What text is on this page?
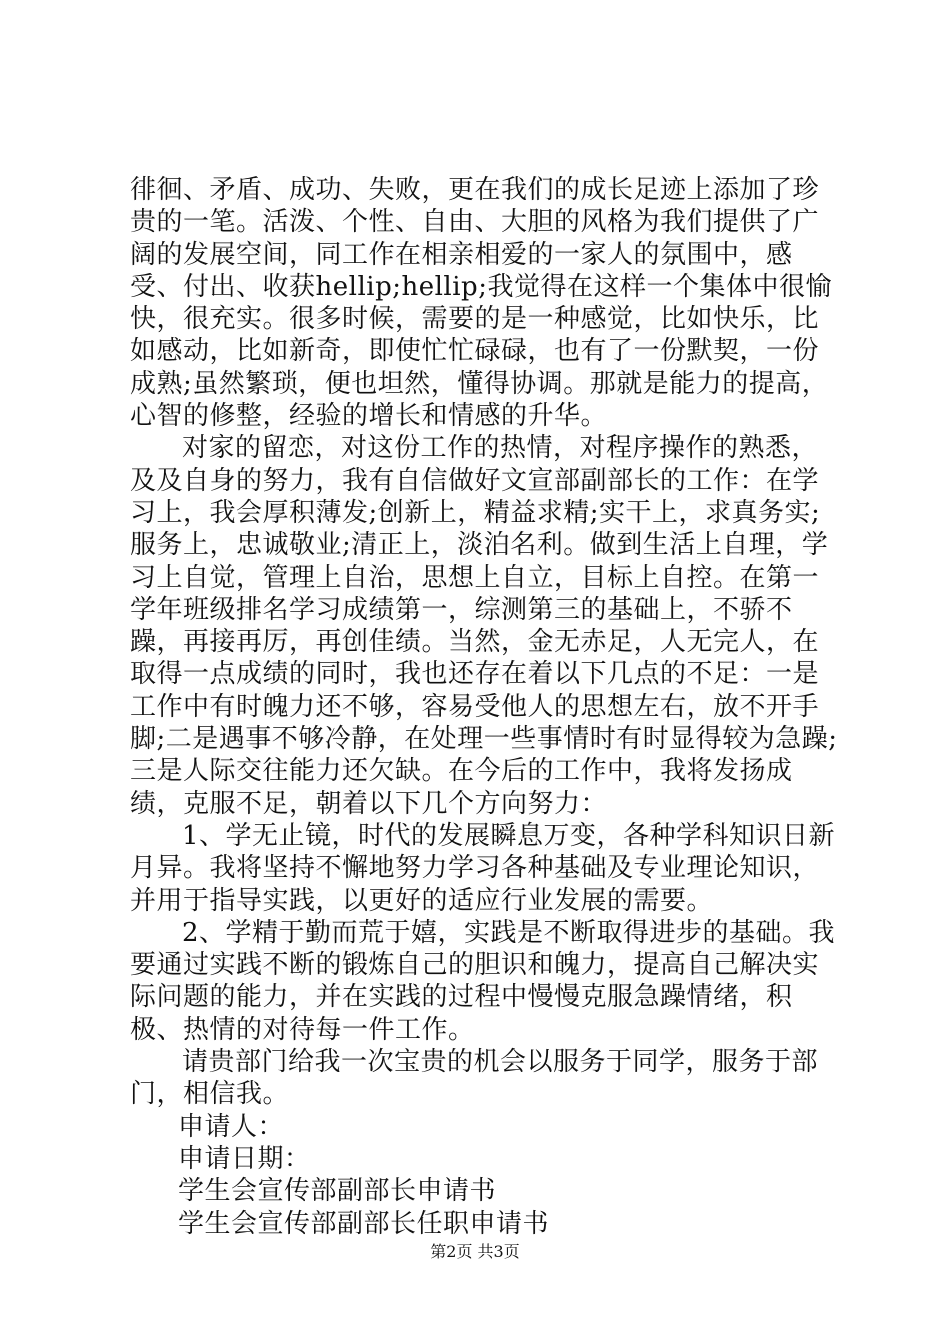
徘徊、矛盾、成功、失败，更在我们的成长足迹上添加了珍贵的一笔。活泼、个性、自由、大胆的风格为我们提供了广阔的发展空间，同工作在相亲相爱的一家人的氛围中，感受、付出、收获hellip;hellip;我觉得在这样一个集体中很愉快，很充实。很多时候，需要的是一种感觉，比如快乐，比如感动，比如新奇，即使忙忙碌碌，也有了一份默契，一份成熟;虽然繁琐，便也坦然，懂得协调。那就是能力的提高，心智的修整，经验的增长和情感的升华。

对家的留恋，对这份工作的热情，对程序操作的熟悉，及及自身的努力，我有自信做好文宣部副部长的工作：在学习上，我会厚积薄发;创新上，精益求精;实干上，求真务实;服务上，忠诚敬业;清正上，淡泊名利。做到生活上自理，学习上自觉，管理上自治，思想上自立，目标上自控。在第一学年班级排名学习成绩第一，综测第三的基础上，不骄不躁，再接再厉，再创佳绩。当然，金无赤足，人无完人，在取得一点成绩的同时，我也还存在着以下几点的不足：一是工作中有时魄力还不够，容易受他人的思想左右，放不开手脚;二是遇事不够冷静，在处理一些事情时有时显得较为急躁;三是人际交往能力还欠缺。在今后的工作中，我将发扬成绩，克服不足，朝着以下几个方向努力：

1、学无止镜，时代的发展瞬息万变，各种学科知识日新月异。我将坚持不懈地努力学习各种基础及专业理论知识，并用于指导实践，以更好的适应行业发展的需要。

2、学精于勤而荒于嬉，实践是不断取得进步的基础。我要通过实践不断的锻炼自己的胆识和魄力，提高自己解决实际问题的能力，并在实践的过程中慢慢克服急躁情绪，积极、热情的对待每一件工作。

请贵部门给我一次宝贵的机会以服务于同学，服务于部门，相信我。

申请人：

申请日期：

学生会宣传部副部长申请书

学生会宣传部副部长任职申请书

第2页 共3页
